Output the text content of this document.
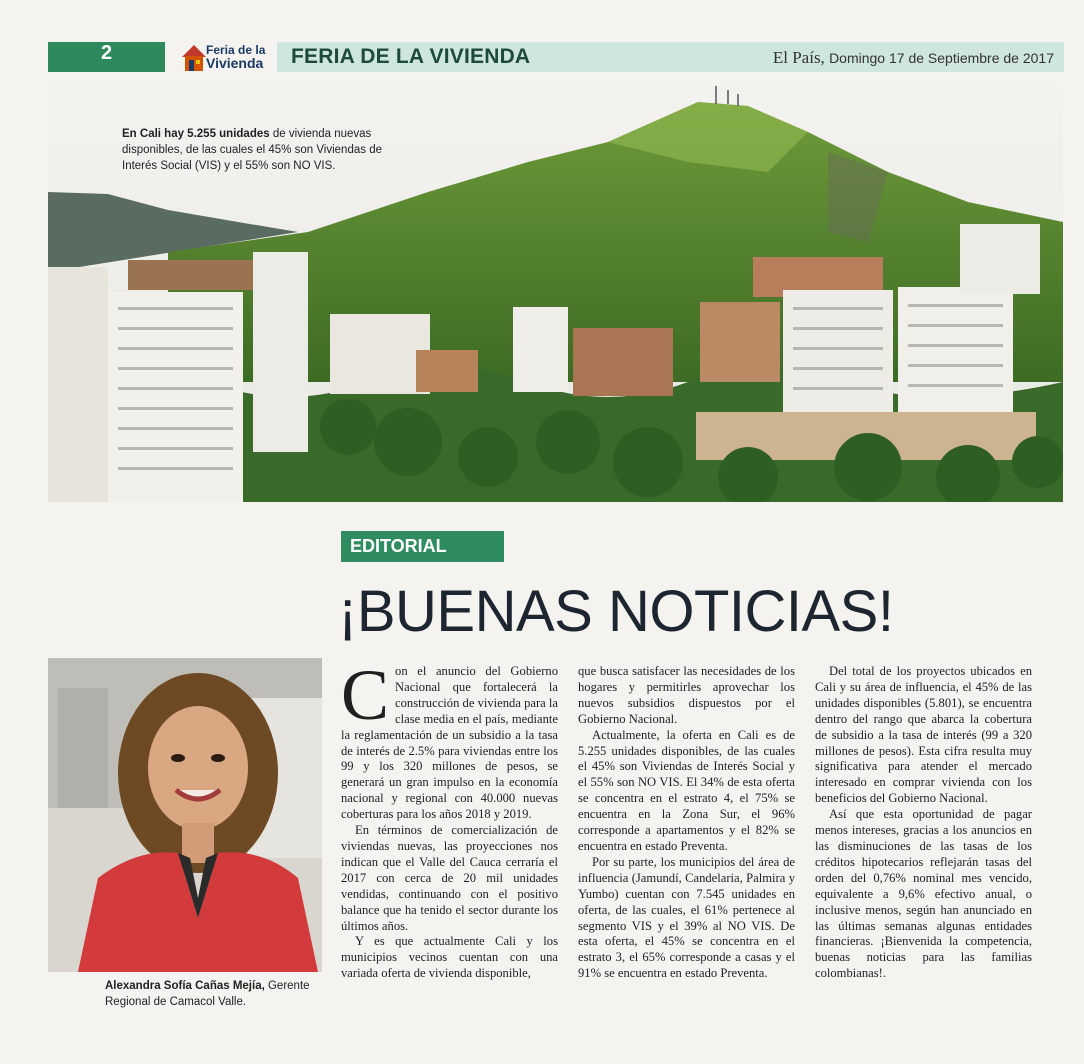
2	Feria de la
Vivienda FERIA DE LA VIVIENDA	El País, Domingo 17 de Septiembre de 2017
En Cali hay 5.255 unidades de vivienda nuevas disponibles, de las cuales el 45% son Viviendas de Interés Social (VIS) y el 55% son NO VIS.
EDITORIAL
¡BUENAS NOTICIAS!
Alexandra Sofía Cañas Mejía, Gerente Regional de Camacol Valle.

Con el anuncio del Gobierno Nacional que fortalecerá la construcción de vivienda para la clase media en el país, mediante la reglamentación de un subsidio a la tasa de interés de 2.5% para viviendas entre los 99 y los 320 millones de pesos, se generará un gran impulso en la economía nacional y regional con 40.000 nuevas coberturas para los años 2018 y 2019.

En términos de comercialización de viviendas nuevas, las proyecciones nos indican que el Valle del Cauca cerraría el 2017 con cerca de 20 mil unidades vendidas, continuando con el positivo balance que ha tenido el sector durante los últimos años.

Y es que actualmente Cali y los municipios vecinos cuentan con una variada oferta de vivienda disponible,

que busca satisfacer las necesidades de los hogares y permitirles aprovechar los nuevos subsidios dispuestos por el Gobierno Nacional.

Actualmente, la oferta en Cali es de 5.255 unidades disponibles, de las cuales el 45% son Viviendas de Interés Social y el 55% son NO VIS. El 34% de esta oferta se concentra en el estrato 4, el 75% se encuentra en la Zona Sur, el 96% corresponde a apartamentos y el 82% se encuentra en estado Preventa.

Por su parte, los municipios del área de influencia (Jamundí, Candelaria, Palmira y Yumbo) cuentan con 7.545 unidades en oferta, de las cuales, el 61% pertenece al segmento VIS y el 39% al NO VIS. De esta oferta, el 45% se concentra en el estrato 3, el 65% corresponde a casas y el 91% se encuentra en estado Preventa.

Del total de los proyectos ubicados en Cali y su área de influencia, el 45% de las unidades disponibles (5.801), se encuentra dentro del rango que abarca la cobertura de subsidio a la tasa de interés (99 a 320 millones de pesos). Esta cifra resulta muy significativa para atender el mercado interesado en comprar vivienda con los beneficios del Gobierno Nacional.

Así que esta oportunidad de pagar menos intereses, gracias a los anuncios en las disminuciones de las tasas de los créditos hipotecarios reflejarán tasas del orden del 0,76% nominal mes vencido, equivalente a 9,6% efectivo anual, o inclusive menos, según han anunciado en las últimas semanas algunas entidades financieras. ¡Bienvenida la competencia, buenas noticias para las familias colombianas!.
